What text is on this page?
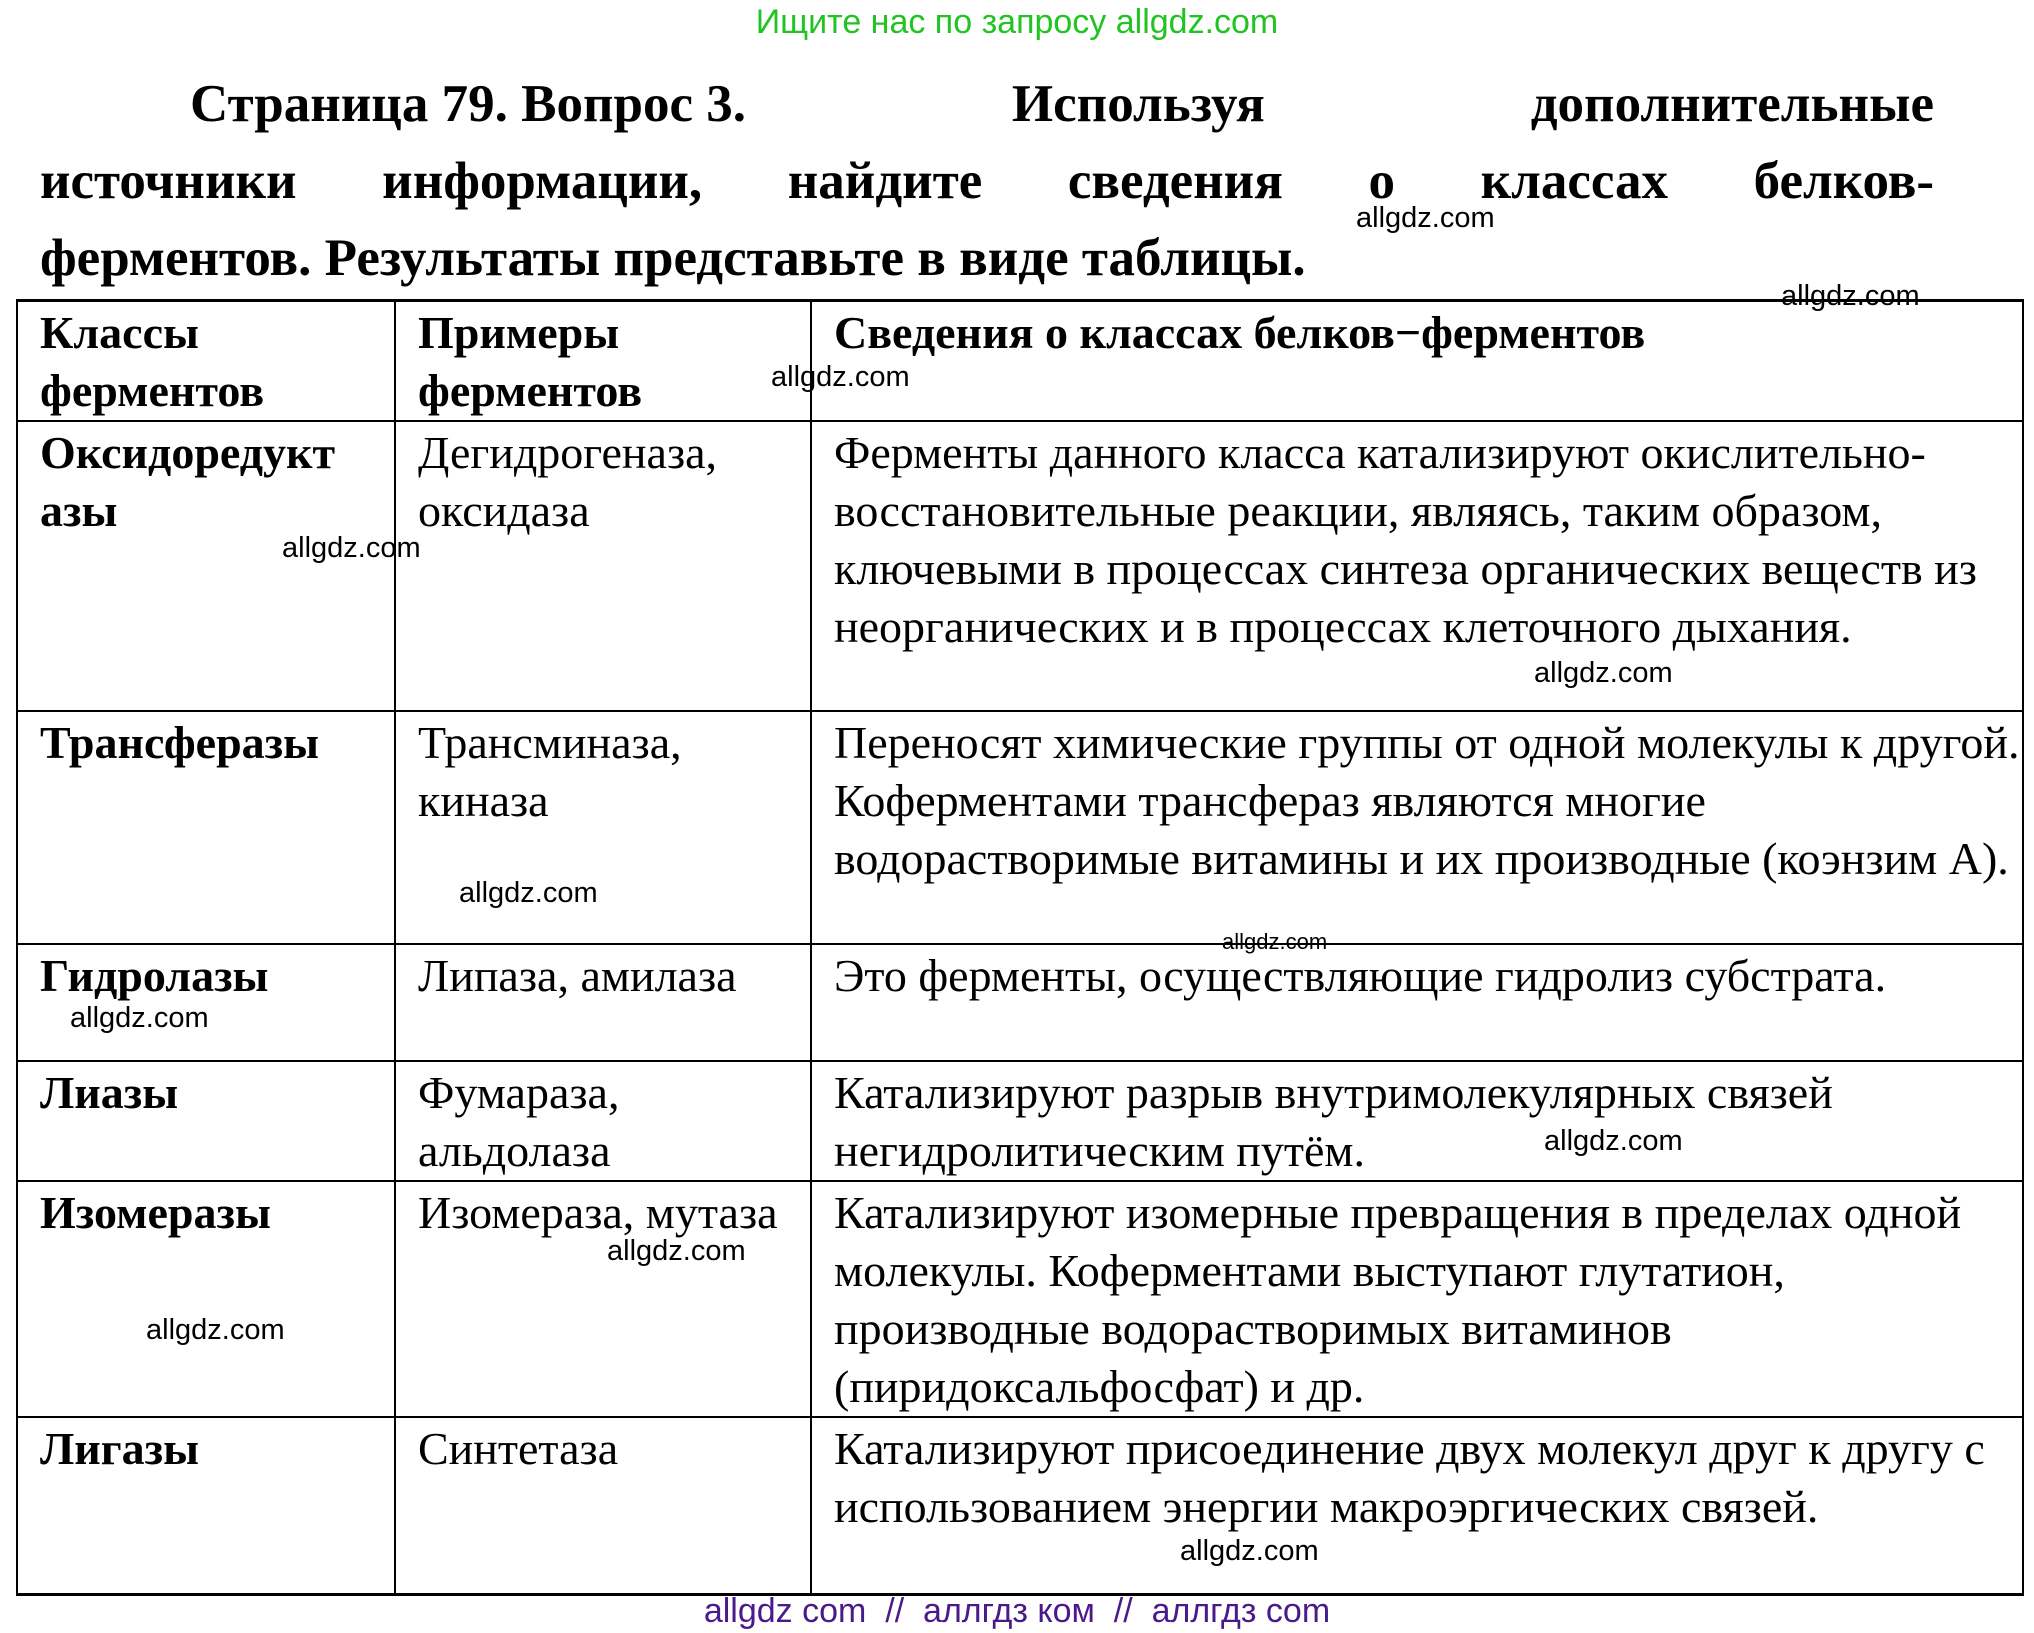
Ищите нас по запросу allgdz.com
Страница 79. Вопрос 3.	Используя	дополнительные
источники информации, найдите сведения о классах белков-
ферментов. Результаты представьте в виде таблицы.
Классы ферментов	Примеры ферментов	Сведения о классах белков−ферментов
Оксидоредукт азы	Дегидрогеназа, оксидаза	Ферменты данного класса катализируют окислительно-восстановительные реакции, являясь, таким образом, ключевыми в процессах синтеза органических веществ из неорганических и в процессах клеточного дыхания.
Трансферазы	Трансминаза, киназа	Переносят химические группы от одной молекулы к другой. Коферментами трансфераз являются многие водорастворимые витамины и их производные (коэнзим А).
Гидролазы	Липаза, амилаза	Это ферменты, осуществляющие гидролиз субстрата.
Лиазы	Фумараза, альдолаза	Катализируют разрыв внутримолекулярных связей негидролитическим путём.
Изомеразы	Изомераза, мутаза	Катализируют изомерные превращения в пределах одной молекулы. Коферментами выступают глутатион, производные водорастворимых витаминов (пиридоксальфосфат) и др.
Лигазы	Синтетаза	Катализируют присоединение двух молекул друг к другу с использованием энергии макроэргических связей.
allgdz.com
allgdz.com
allgdz.com
allgdz.com
allgdz.com
allgdz.com
allgdz.com
allgdz.com
allgdz.com
allgdz.com
allgdz.com
allgdz.com
allgdz com  //  аллгдз ком  //  аллгдз com
